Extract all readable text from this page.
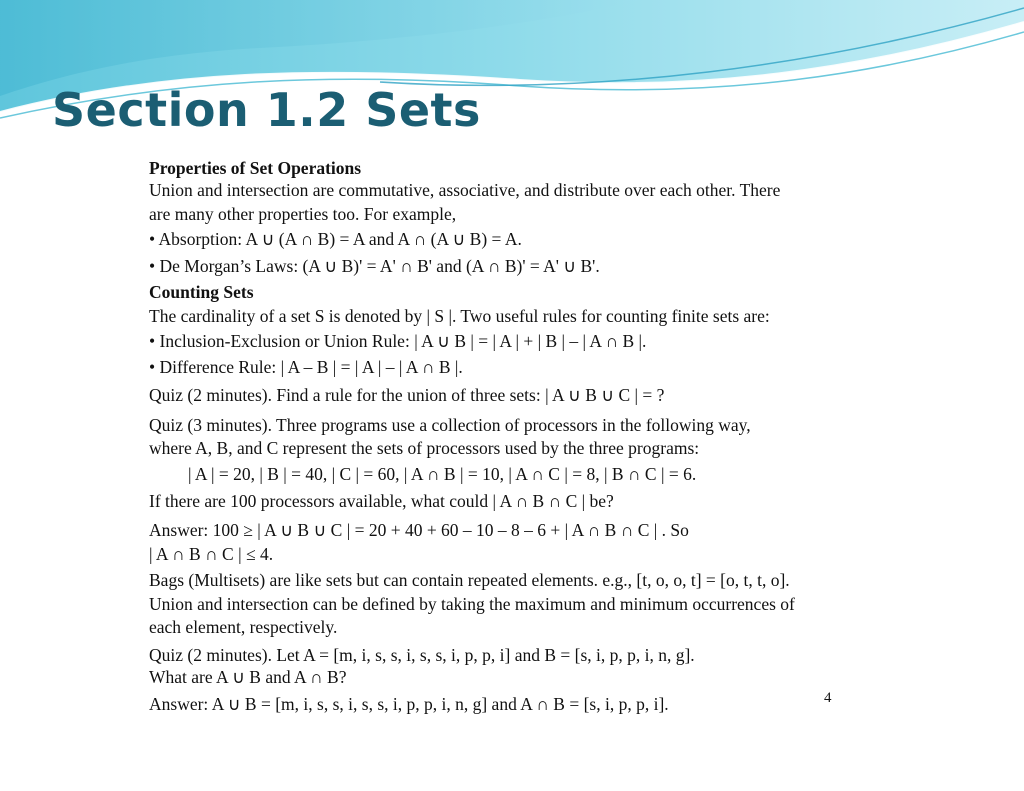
Section 1.2 Sets
Properties of Set Operations
Union and intersection are commutative, associative, and distribute over each other. There
are many other properties too. For example,
• Absorption: A ∪ (A ∩ B) = A and A ∩ (A ∪ B) = A.
• De Morgan’s Laws: (A ∪ B)' = A' ∩ B' and (A ∩ B)' = A' ∪ B'.
Counting Sets
The cardinality of a set S is denoted by | S |. Two useful rules for counting finite sets are:
• Inclusion-Exclusion or Union Rule: | A ∪ B | = | A | + | B | – | A ∩ B |.
• Difference Rule: | A – B | = | A | – | A ∩ B |.
Quiz (2 minutes). Find a rule for the union of three sets: | A ∪ B ∪ C | = ?
Quiz (3 minutes). Three programs use a collection of processors in the following way,
where A, B, and C represent the sets of processors used by the three programs:
| A | = 20, | B | = 40, | C | = 60, | A ∩ B | = 10, | A ∩ C | = 8, | B ∩ C | = 6.
If there are 100 processors available, what could | A ∩ B ∩ C | be?
Answer: 100 ≥ | A ∪ B ∪ C | = 20 + 40 + 60 – 10 – 8 – 6 + | A ∩ B ∩ C | . So
| A ∩ B ∩ C | ≤ 4.
Bags (Multisets) are like sets but can contain repeated elements. e.g., [t, o, o, t] = [o, t, t, o].
Union and intersection can be defined by taking the maximum and minimum occurrences of
each element, respectively.
Quiz (2 minutes). Let A = [m, i, s, s, i, s, s, i, p, p, i] and B = [s, i, p, p, i, n, g].
What are A ∪ B and A ∩ B?
Answer: A ∪ B = [m, i, s, s, i, s, s, i, p, p, i, n, g] and A ∩ B = [s, i, p, p, i].	4
